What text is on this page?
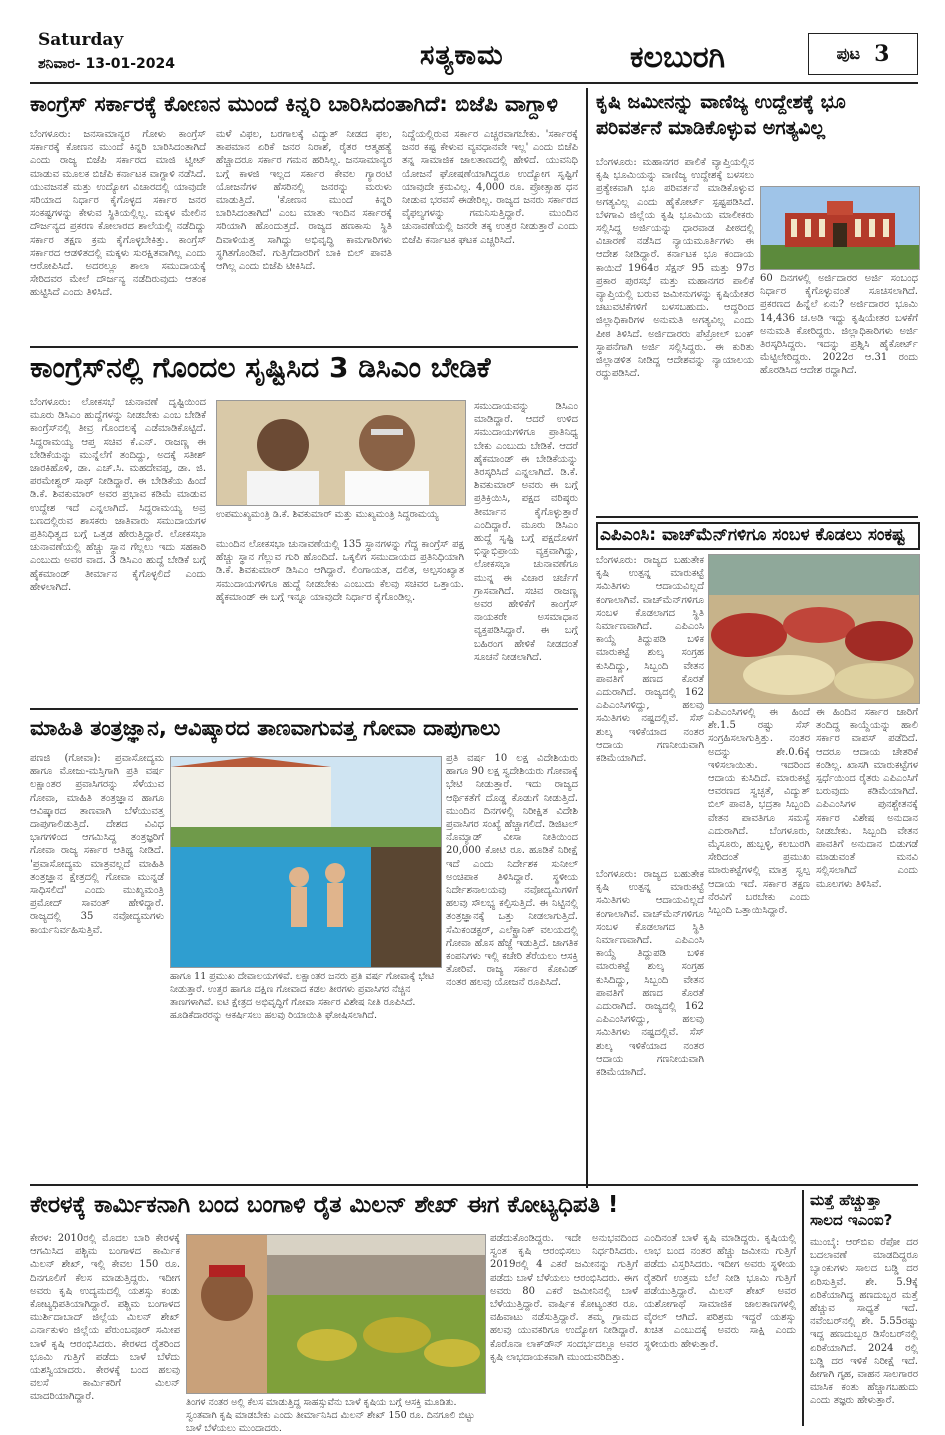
Saturday
ಶನಿವಾರ- 13-01-2024	ಸತ್ಯಕಾಮ	ಕಲಬುರಗಿ	ಪುಟ 3
ಕಾಂಗ್ರೆಸ್ ಸರ್ಕಾರಕ್ಕೆ ಕೋಣನ ಮುಂದೆ ಕಿನ್ನರಿ ಬಾರಿಸಿದಂತಾಗಿದೆ: ಬಿಜೆಪಿ ವಾಗ್ದಾಳಿ
ಬೆಂಗಳೂರು: ಜನಸಾಮಾನ್ಯರ ಗೋಳು ಕಾಂಗ್ರೆಸ್ ಸರ್ಕಾರಕ್ಕೆ ಕೋಣನ ಮುಂದೆ ಕಿನ್ನರಿ ಬಾರಿಸಿದಂತಾಗಿದೆ ಎಂದು ರಾಜ್ಯ ಬಿಜೆಪಿ ಸರ್ಕಾರದ ಮಾಜಿ ಟ್ವೀಟ್ ಮಾಡುವ ಮೂಲಕ ಬಿಜೆಪಿ ಕರ್ನಾಟಕ ವಾಗ್ದಾಳಿ ನಡೆಸಿದೆ. ಯುವಜನತೆ ಮತ್ತು ಉದ್ಯೋಗ ವಿಚಾರದಲ್ಲಿ ಯಾವುದೇ ಸರಿಯಾದ ನಿರ್ಧಾರ ಕೈಗೊಳ್ಳದ ಸರ್ಕಾರ ಜನರ ಸಂಕಷ್ಟಗಳನ್ನು ಕೇಳುವ ಸ್ಥಿತಿಯಲ್ಲಿಲ್ಲ. ಮಕ್ಕಳ ಮೇಲಿನ ದೌರ್ಜನ್ಯದ ಪ್ರಕರಣ ಕೋಲಾರದ ಶಾಲೆಯಲ್ಲಿ ನಡೆದಿದ್ದು ಸರ್ಕಾರ ತಕ್ಷಣ ಕ್ರಮ ಕೈಗೊಳ್ಳಬೇಕಿತ್ತು. ಕಾಂಗ್ರೆಸ್ ಸರ್ಕಾರದ ಆಡಳಿತದಲ್ಲಿ ಮಕ್ಕಳು ಸುರಕ್ಷಿತವಾಗಿಲ್ಲ ಎಂದು ಆರೋಪಿಸಿದೆ. ಅದರಲ್ಲೂ ಶಾಲಾ ಸಮುದಾಯಕ್ಕೆ ಸೇರಿದವರ ಮೇಲೆ ದೌರ್ಜನ್ಯ ನಡೆದಿರುವುದು ಆತಂಕ ಹುಟ್ಟಿಸಿದೆ ಎಂದು ತಿಳಿಸಿದೆ.
ಮಳೆ ವಿಫಲ, ಬರಗಾಲಕ್ಕೆ ವಿದ್ಯುತ್ ನೀಡದ ಫಲ, ತಾಪಮಾನ ಏರಿಕೆ ಜನರ ನಿರಾಶೆ, ರೈತರ ಆತ್ಮಹತ್ಯೆ ಹೆಚ್ಚಾದರೂ ಸರ್ಕಾರ ಗಮನ ಹರಿಸಿಲ್ಲ. ಜನಸಾಮಾನ್ಯರ ಬಗ್ಗೆ ಕಾಳಜಿ ಇಲ್ಲದ ಸರ್ಕಾರ ಕೇವಲ ಗ್ಯಾರಂಟಿ ಯೋಜನೆಗಳ ಹೆಸರಿನಲ್ಲಿ ಜನರನ್ನು ಮರುಳು ಮಾಡುತ್ತಿದೆ. 'ಕೋಣನ ಮುಂದೆ ಕಿನ್ನರಿ ಬಾರಿಸಿದಂತಾಗಿದೆ' ಎಂಬ ಮಾತು ಇಂದಿನ ಸರ್ಕಾರಕ್ಕೆ ಸರಿಯಾಗಿ ಹೊಂದುತ್ತದೆ. ರಾಜ್ಯದ ಹಣಕಾಸು ಸ್ಥಿತಿ ದಿವಾಳಿಯತ್ತ ಸಾಗಿದ್ದು ಅಭಿವೃದ್ಧಿ ಕಾಮಗಾರಿಗಳು ಸ್ಥಗಿತಗೊಂಡಿವೆ. ಗುತ್ತಿಗೆದಾರರಿಗೆ ಬಾಕಿ ಬಿಲ್ ಪಾವತಿ ಆಗಿಲ್ಲ ಎಂದು ಬಿಜೆಪಿ ಟೀಕಿಸಿದೆ.
ನಿದ್ದೆಯಲ್ಲಿರುವ ಸರ್ಕಾರ ಎಚ್ಚರವಾಗಬೇಕು. 'ಸರ್ಕಾರಕ್ಕೆ ಜನರ ಕಷ್ಟ ಕೇಳುವ ವ್ಯವಧಾನವೇ ಇಲ್ಲ' ಎಂದು ಬಿಜೆಪಿ ತನ್ನ ಸಾಮಾಜಿಕ ಜಾಲತಾಣದಲ್ಲಿ ಹೇಳಿದೆ. ಯುವನಿಧಿ ಯೋಜನೆ ಘೋಷಣೆಯಾಗಿದ್ದರೂ ಉದ್ಯೋಗ ಸೃಷ್ಟಿಗೆ ಯಾವುದೇ ಕ್ರಮವಿಲ್ಲ. 4,000 ರೂ. ಪ್ರೋತ್ಸಾಹ ಧನ ನೀಡುವ ಭರವಸೆ ಈಡೇರಿಲ್ಲ. ರಾಜ್ಯದ ಜನರು ಸರ್ಕಾರದ ವೈಫಲ್ಯಗಳನ್ನು ಗಮನಿಸುತ್ತಿದ್ದಾರೆ. ಮುಂದಿನ ಚುನಾವಣೆಯಲ್ಲಿ ಜನರೇ ತಕ್ಕ ಉತ್ತರ ನೀಡುತ್ತಾರೆ ಎಂದು ಬಿಜೆಪಿ ಕರ್ನಾಟಕ ಘಟಕ ಎಚ್ಚರಿಸಿದೆ.
ಕೃಷಿ ಜಮೀನನ್ನು ವಾಣಿಜ್ಯ ಉದ್ದೇಶಕ್ಕೆ ಭೂ
ಪರಿವರ್ತನೆ ಮಾಡಿಕೊಳ್ಳುವ ಅಗತ್ಯವಿಲ್ಲ
ಬೆಂಗಳೂರು: ಮಹಾನಗರ ಪಾಲಿಕೆ ವ್ಯಾಪ್ತಿಯಲ್ಲಿನ ಕೃಷಿ ಭೂಮಿಯನ್ನು ವಾಣಿಜ್ಯ ಉದ್ದೇಶಕ್ಕೆ ಬಳಸಲು ಪ್ರತ್ಯೇಕವಾಗಿ ಭೂ ಪರಿವರ್ತನೆ ಮಾಡಿಕೊಳ್ಳುವ ಅಗತ್ಯವಿಲ್ಲ ಎಂದು ಹೈಕೋರ್ಟ್ ಸ್ಪಷ್ಟಪಡಿಸಿದೆ. ಬೆಳಗಾವಿ ಜಿಲ್ಲೆಯ ಕೃಷಿ ಭೂಮಿಯ ಮಾಲೀಕರು ಸಲ್ಲಿಸಿದ್ದ ಅರ್ಜಿಯನ್ನು ಧಾರವಾಡ ಪೀಠದಲ್ಲಿ ವಿಚಾರಣೆ ನಡೆಸಿದ ನ್ಯಾಯಮೂರ್ತಿಗಳು ಈ ಆದೇಶ ನೀಡಿದ್ದಾರೆ. ಕರ್ನಾಟಕ ಭೂ ಕಂದಾಯ ಕಾಯಿದೆ 1964ರ ಸೆಕ್ಷನ್ 95 ಮತ್ತು 97ರ ಪ್ರಕಾರ ಪುರಸಭೆ ಮತ್ತು ಮಹಾನಗರ ಪಾಲಿಕೆ ವ್ಯಾಪ್ತಿಯಲ್ಲಿ ಬರುವ ಜಮೀನುಗಳನ್ನು ಕೃಷಿಯೇತರ ಚಟುವಟಿಕೆಗಳಿಗೆ ಬಳಸಬಹುದು. ಆದ್ದರಿಂದ ಜಿಲ್ಲಾಧಿಕಾರಿಗಳ ಅನುಮತಿ ಅಗತ್ಯವಿಲ್ಲ ಎಂದು ಪೀಠ ತಿಳಿಸಿದೆ. ಅರ್ಜಿದಾರರು ಪೆಟ್ರೋಲ್ ಬಂಕ್ ಸ್ಥಾಪನೆಗಾಗಿ ಅರ್ಜಿ ಸಲ್ಲಿಸಿದ್ದರು. ಈ ಕುರಿತು ಜಿಲ್ಲಾಡಳಿತ ನೀಡಿದ್ದ ಆದೇಶವನ್ನು ನ್ಯಾಯಾಲಯ ರದ್ದುಪಡಿಸಿದೆ.
60 ದಿನಗಳಲ್ಲಿ ಅರ್ಜಿದಾರರ ಅರ್ಜಿ ಸಂಬಂಧ ನಿರ್ಧಾರ ಕೈಗೊಳ್ಳುವಂತೆ ಸೂಚಿಸಲಾಗಿದೆ. ಪ್ರಕರಣದ ಹಿನ್ನೆಲೆ ಏನು? ಅರ್ಜಿದಾರರ ಭೂಮಿ 14,436 ಚ.ಅಡಿ ಇದ್ದು ಕೃಷಿಯೇತರ ಬಳಕೆಗೆ ಅನುಮತಿ ಕೋರಿದ್ದರು. ಜಿಲ್ಲಾಧಿಕಾರಿಗಳು ಅರ್ಜಿ ತಿರಸ್ಕರಿಸಿದ್ದರು. ಇದನ್ನು ಪ್ರಶ್ನಿಸಿ ಹೈಕೋರ್ಟ್ ಮೆಟ್ಟಿಲೇರಿದ್ದರು. 2022ರ ಆ.31 ರಂದು ಹೊರಡಿಸಿದ ಆದೇಶ ರದ್ದಾಗಿದೆ.
ಕಾಂಗ್ರೆಸ್‌ನಲ್ಲಿ ಗೊಂದಲ ಸೃಷ್ಟಿಸಿದ 3 ಡಿಸಿಎಂ ಬೇಡಿಕೆ
ಬೆಂಗಳೂರು: ಲೋಕಸಭೆ ಚುನಾವಣೆ ದೃಷ್ಟಿಯಿಂದ ಮೂರು ಡಿಸಿಎಂ ಹುದ್ದೆಗಳನ್ನು ನೀಡಬೇಕು ಎಂಬ ಬೇಡಿಕೆ ಕಾಂಗ್ರೆಸ್‌ನಲ್ಲಿ ತೀವ್ರ ಗೊಂದಲಕ್ಕೆ ಎಡೆಮಾಡಿಕೊಟ್ಟಿದೆ. ಸಿದ್ದರಾಮಯ್ಯ ಆಪ್ತ ಸಚಿವ ಕೆ.ಎನ್. ರಾಜಣ್ಣ ಈ ಬೇಡಿಕೆಯನ್ನು ಮುನ್ನೆಲೆಗೆ ತಂದಿದ್ದು, ಅದಕ್ಕೆ ಸತೀಶ್ ಜಾರಕಿಹೊಳಿ, ಡಾ. ಎಚ್.ಸಿ. ಮಹದೇವಪ್ಪ, ಡಾ. ಜಿ. ಪರಮೇಶ್ವರ್ ಸಾಥ್ ನೀಡಿದ್ದಾರೆ. ಈ ಬೇಡಿಕೆಯ ಹಿಂದೆ ಡಿ.ಕೆ. ಶಿವಕುಮಾರ್ ಅವರ ಪ್ರಭಾವ ಕಡಿಮೆ ಮಾಡುವ ಉದ್ದೇಶ ಇದೆ ಎನ್ನಲಾಗಿದೆ. ಸಿದ್ದರಾಮಯ್ಯ ಅವ್ರ ಬಣದಲ್ಲಿರುವ ಶಾಸಕರು ಜಾತಿವಾರು ಸಮುದಾಯಗಳ ಪ್ರತಿನಿಧಿತ್ವದ ಬಗ್ಗೆ ಒತ್ತಡ ಹೇರುತ್ತಿದ್ದಾರೆ. ಲೋಕಸಭಾ ಚುನಾವಣೆಯಲ್ಲಿ ಹೆಚ್ಚು ಸ್ಥಾನ ಗೆಲ್ಲಲು ಇದು ಸಹಕಾರಿ ಎಂಬುದು ಅವರ ವಾದ. 3 ಡಿಸಿಎಂ ಹುದ್ದೆ ಬೇಡಿಕೆ ಬಗ್ಗೆ ಹೈಕಮಾಂಡ್ ತೀರ್ಮಾನ ಕೈಗೊಳ್ಳಲಿದೆ ಎಂದು ಹೇಳಲಾಗಿದೆ.
ಉಪಮುಖ್ಯಮಂತ್ರಿ ಡಿ.ಕೆ. ಶಿವಕುಮಾರ್ ಮತ್ತು ಮುಖ್ಯಮಂತ್ರಿ ಸಿದ್ದರಾಮಯ್ಯ
ಮುಂದಿನ ಲೋಕಸಭಾ ಚುನಾವಣೆಯಲ್ಲಿ 135 ಸ್ಥಾನಗಳನ್ನು ಗೆದ್ದ ಕಾಂಗ್ರೆಸ್ ಪಕ್ಷ ಹೆಚ್ಚು ಸ್ಥಾನ ಗೆಲ್ಲುವ ಗುರಿ ಹೊಂದಿದೆ. ಒಕ್ಕಲಿಗ ಸಮುದಾಯದ ಪ್ರತಿನಿಧಿಯಾಗಿ ಡಿ.ಕೆ. ಶಿವಕುಮಾರ್ ಡಿಸಿಎಂ ಆಗಿದ್ದಾರೆ. ಲಿಂಗಾಯತ, ದಲಿತ, ಅಲ್ಪಸಂಖ್ಯಾತ ಸಮುದಾಯಗಳಿಗೂ ಹುದ್ದೆ ನೀಡಬೇಕು ಎಂಬುದು ಕೆಲವು ಸಚಿವರ ಒತ್ತಾಯ. ಹೈಕಮಾಂಡ್ ಈ ಬಗ್ಗೆ ಇನ್ನೂ ಯಾವುದೇ ನಿರ್ಧಾರ ಕೈಗೊಂಡಿಲ್ಲ.
ಸಮುದಾಯವನ್ನು ಡಿಸಿಎಂ ಮಾಡಿದ್ದಾರೆ. ಆದರೆ ಉಳಿದ ಸಮುದಾಯಗಳಿಗೂ ಪ್ರಾತಿನಿಧ್ಯ ಬೇಕು ಎಂಬುದು ಬೇಡಿಕೆ. ಆದರೆ ಹೈಕಮಾಂಡ್ ಈ ಬೇಡಿಕೆಯನ್ನು ತಿರಸ್ಕರಿಸಿದೆ ಎನ್ನಲಾಗಿದೆ. ಡಿ.ಕೆ. ಶಿವಕುಮಾರ್ ಅವರು ಈ ಬಗ್ಗೆ ಪ್ರತಿಕ್ರಿಯಿಸಿ, ಪಕ್ಷದ ವರಿಷ್ಠರು ತೀರ್ಮಾನ ಕೈಗೊಳ್ಳುತ್ತಾರೆ ಎಂದಿದ್ದಾರೆ. ಮೂರು ಡಿಸಿಎಂ ಹುದ್ದೆ ಸೃಷ್ಟಿ ಬಗ್ಗೆ ಪಕ್ಷದೊಳಗೆ ಭಿನ್ನಾಭಿಪ್ರಾಯ ವ್ಯಕ್ತವಾಗಿದ್ದು, ಲೋಕಸಭಾ ಚುನಾವಣೆಗೂ ಮುನ್ನ ಈ ವಿಚಾರ ಚರ್ಚೆಗೆ ಗ್ರಾಸವಾಗಿದೆ. ಸಚಿವ ರಾಜಣ್ಣ ಅವರ ಹೇಳಿಕೆಗೆ ಕಾಂಗ್ರೆಸ್ ನಾಯಕರೇ ಅಸಮಾಧಾನ ವ್ಯಕ್ತಪಡಿಸಿದ್ದಾರೆ. ಈ ಬಗ್ಗೆ ಬಹಿರಂಗ ಹೇಳಿಕೆ ನೀಡದಂತೆ ಸೂಚನೆ ನೀಡಲಾಗಿದೆ.
ಎಪಿಎಂಸಿ: ವಾಚ್‌ಮೆನ್‌ಗಳಿಗೂ ಸಂಬಳ ಕೊಡಲು ಸಂಕಷ್ಟ
ಬೆಂಗಳೂರು: ರಾಜ್ಯದ ಬಹುತೇಕ ಕೃಷಿ ಉತ್ಪನ್ನ ಮಾರುಕಟ್ಟೆ ಸಮಿತಿಗಳು ಆದಾಯವಿಲ್ಲದೆ ಕಂಗಾಲಾಗಿವೆ. ವಾಚ್‌ಮೆನ್‌ಗಳಿಗೂ ಸಂಬಳ ಕೊಡಲಾಗದ ಸ್ಥಿತಿ ನಿರ್ಮಾಣವಾಗಿದೆ. ಎಪಿಎಂಸಿ ಕಾಯ್ದೆ ತಿದ್ದುಪಡಿ ಬಳಿಕ ಮಾರುಕಟ್ಟೆ ಶುಲ್ಕ ಸಂಗ್ರಹ ಕುಸಿದಿದ್ದು, ಸಿಬ್ಬಂದಿ ವೇತನ ಪಾವತಿಗೆ ಹಣದ ಕೊರತೆ ಎದುರಾಗಿದೆ. ರಾಜ್ಯದಲ್ಲಿ 162 ಎಪಿಎಂಸಿಗಳಿದ್ದು, ಹಲವು ಸಮಿತಿಗಳು ನಷ್ಟದಲ್ಲಿವೆ. ಸೆಸ್ ಶುಲ್ಕ ಇಳಿಕೆಯಾದ ನಂತರ ಆದಾಯ ಗಣನೀಯವಾಗಿ ಕಡಿಮೆಯಾಗಿದೆ.
ಎಪಿಎಂಸಿಗಳಲ್ಲಿ ಈ ಹಿಂದೆ ಶೇ.1.5 ರಷ್ಟು ಸೆಸ್ ಸಂಗ್ರಹಿಸಲಾಗುತ್ತಿತ್ತು. ನಂತರ ಅದನ್ನು ಶೇ.0.6ಕ್ಕೆ ಇಳಿಸಲಾಯಿತು. ಇದರಿಂದ ಆದಾಯ ಕುಸಿದಿದೆ. ಮಾರುಕಟ್ಟೆ ಆವರಣದ ಸ್ವಚ್ಛತೆ, ವಿದ್ಯುತ್ ಬಿಲ್ ಪಾವತಿ, ಭದ್ರತಾ ಸಿಬ್ಬಂದಿ ವೇತನ ಪಾವತಿಗೂ ಸಮಸ್ಯೆ ಎದುರಾಗಿದೆ. ಬೆಂಗಳೂರು, ಮೈಸೂರು, ಹುಬ್ಬಳ್ಳಿ, ಕಲಬುರಗಿ ಸೇರಿದಂತೆ ಪ್ರಮುಖ ಮಾರುಕಟ್ಟೆಗಳಲ್ಲಿ ಮಾತ್ರ ಸ್ವಲ್ಪ ಆದಾಯ ಇದೆ. ಸರ್ಕಾರ ತಕ್ಷಣ ನೆರವಿಗೆ ಬರಬೇಕು ಎಂದು ಸಿಬ್ಬಂದಿ ಒತ್ತಾಯಿಸಿದ್ದಾರೆ.
ಈ ಹಿಂದಿನ ಸರ್ಕಾರ ಜಾರಿಗೆ ತಂದಿದ್ದ ಕಾಯ್ದೆಯನ್ನು ಹಾಲಿ ಸರ್ಕಾರ ವಾಪಸ್ ಪಡೆದಿದೆ. ಆದರೂ ಆದಾಯ ಚೇತರಿಕೆ ಕಂಡಿಲ್ಲ. ಖಾಸಗಿ ಮಾರುಕಟ್ಟೆಗಳ ಸ್ಪರ್ಧೆಯಿಂದ ರೈತರು ಎಪಿಎಂಸಿಗೆ ಬರುವುದು ಕಡಿಮೆಯಾಗಿದೆ. ಎಪಿಎಂಸಿಗಳ ಪುನಶ್ಚೇತನಕ್ಕೆ ಸರ್ಕಾರ ವಿಶೇಷ ಅನುದಾನ ನೀಡಬೇಕು. ಸಿಬ್ಬಂದಿ ವೇತನ ಪಾವತಿಗೆ ಅನುದಾನ ಬಿಡುಗಡೆ ಮಾಡುವಂತೆ ಮನವಿ ಸಲ್ಲಿಸಲಾಗಿದೆ ಎಂದು ಮೂಲಗಳು ತಿಳಿಸಿವೆ.
ಬೆಂಗಳೂರು: ರಾಜ್ಯದ ಬಹುತೇಕ ಕೃಷಿ ಉತ್ಪನ್ನ ಮಾರುಕಟ್ಟೆ ಸಮಿತಿಗಳು ಆದಾಯವಿಲ್ಲದೆ ಕಂಗಾಲಾಗಿವೆ. ವಾಚ್‌ಮೆನ್‌ಗಳಿಗೂ ಸಂಬಳ ಕೊಡಲಾಗದ ಸ್ಥಿತಿ ನಿರ್ಮಾಣವಾಗಿದೆ. ಎಪಿಎಂಸಿ ಕಾಯ್ದೆ ತಿದ್ದುಪಡಿ ಬಳಿಕ ಮಾರುಕಟ್ಟೆ ಶುಲ್ಕ ಸಂಗ್ರಹ ಕುಸಿದಿದ್ದು, ಸಿಬ್ಬಂದಿ ವೇತನ ಪಾವತಿಗೆ ಹಣದ ಕೊರತೆ ಎದುರಾಗಿದೆ. ರಾಜ್ಯದಲ್ಲಿ 162 ಎಪಿಎಂಸಿಗಳಿದ್ದು, ಹಲವು ಸಮಿತಿಗಳು ನಷ್ಟದಲ್ಲಿವೆ. ಸೆಸ್ ಶುಲ್ಕ ಇಳಿಕೆಯಾದ ನಂತರ ಆದಾಯ ಗಣನೀಯವಾಗಿ ಕಡಿಮೆಯಾಗಿದೆ.
ಮಾಹಿತಿ ತಂತ್ರಜ್ಞಾನ, ಆವಿಷ್ಕಾರದ ತಾಣವಾಗುವತ್ತ ಗೋವಾ ದಾಪುಗಾಲು
ಪಣಜಿ (ಗೋವಾ): ಪ್ರವಾಸೋದ್ಯಮ ಹಾಗೂ ಮೋಜು-ಮಸ್ತಿಗಾಗಿ ಪ್ರತಿ ವರ್ಷ ಲಕ್ಷಾಂತರ ಪ್ರವಾಸಿಗರನ್ನು ಸೆಳೆಯುವ ಗೋವಾ, ಮಾಹಿತಿ ತಂತ್ರಜ್ಞಾನ ಹಾಗೂ ಆವಿಷ್ಕಾರದ ತಾಣವಾಗಿ ಬೆಳೆಯುವತ್ತ ದಾಪುಗಾಲಿಡುತ್ತಿದೆ. ದೇಶದ ವಿವಿಧ ಭಾಗಗಳಿಂದ ಆಗಮಿಸಿದ್ದ ತಂತ್ರಜ್ಞರಿಗೆ ಗೋವಾ ರಾಜ್ಯ ಸರ್ಕಾರ ಆತಿಥ್ಯ ನೀಡಿದೆ. 'ಪ್ರವಾಸೋದ್ಯಮ ಮಾತ್ರವಲ್ಲದೆ ಮಾಹಿತಿ ತಂತ್ರಜ್ಞಾನ ಕ್ಷೇತ್ರದಲ್ಲಿ ಗೋವಾ ಮುನ್ನಡೆ ಸಾಧಿಸಲಿದೆ' ಎಂದು ಮುಖ್ಯಮಂತ್ರಿ ಪ್ರಮೋದ್ ಸಾವಂತ್ ಹೇಳಿದ್ದಾರೆ. ರಾಜ್ಯದಲ್ಲಿ 35 ನವೋದ್ಯಮಗಳು ಕಾರ್ಯನಿರ್ವಹಿಸುತ್ತಿವೆ.
ಪ್ರತಿ ವರ್ಷ 10 ಲಕ್ಷ ವಿದೇಶಿಯರು ಹಾಗೂ 90 ಲಕ್ಷ ಸ್ವದೇಶಿಯರು ಗೋವಾಕ್ಕೆ ಭೇಟಿ ನೀಡುತ್ತಾರೆ. ಇದು ರಾಜ್ಯದ ಆರ್ಥಿಕತೆಗೆ ದೊಡ್ಡ ಕೊಡುಗೆ ನೀಡುತ್ತಿದೆ. ಮುಂದಿನ ದಿನಗಳಲ್ಲಿ ನಿರೀಕ್ಷಿತ ವಿದೇಶಿ ಪ್ರವಾಸಿಗರ ಸಂಖ್ಯೆ ಹೆಚ್ಚಾಗಲಿದೆ. ಡಿಜಿಟಲ್ ನೊಮ್ಯಾಡ್ ವೀಸಾ ನೀತಿಯಿಂದ 20,000 ಕೋಟಿ ರೂ. ಹೂಡಿಕೆ ನಿರೀಕ್ಷೆ ಇದೆ ಎಂದು ನಿರ್ದೇಶಕ ಸುನೀಲ್ ಅಂಚಿಪಾಕ ತಿಳಿಸಿದ್ದಾರೆ. ಸ್ಥಳೀಯ ನಿರ್ದೇಶನಾಲಯವು ನವೋದ್ಯಮಿಗಳಿಗೆ ಹಲವು ಸೌಲಭ್ಯ ಕಲ್ಪಿಸುತ್ತಿದೆ. ಈ ನಿಟ್ಟಿನಲ್ಲಿ ತಂತ್ರಜ್ಞಾನಕ್ಕೆ ಒತ್ತು ನೀಡಲಾಗುತ್ತಿದೆ. ಸೆಮಿಕಂಡಕ್ಟರ್, ಎಲೆಕ್ಟ್ರಾನಿಕ್ ವಲಯದಲ್ಲಿ ಗೋವಾ ಹೊಸ ಹೆಜ್ಜೆ ಇಡುತ್ತಿದೆ. ಜಾಗತಿಕ ಕಂಪನಿಗಳು ಇಲ್ಲಿ ಕಚೇರಿ ತೆರೆಯಲು ಆಸಕ್ತಿ ತೋರಿವೆ. ರಾಜ್ಯ ಸರ್ಕಾರ ಕೋವಿಡ್ ನಂತರ ಹಲವು ಯೋಜನೆ ರೂಪಿಸಿದೆ.
ಹಾಗೂ 11 ಪ್ರಮುಖ ದೇವಾಲಯಗಳಿವೆ. ಲಕ್ಷಾಂತರ ಜನರು ಪ್ರತಿ ವರ್ಷ ಗೋವಾಕ್ಕೆ ಭೇಟಿ ನೀಡುತ್ತಾರೆ. ಉತ್ತರ ಹಾಗೂ ದಕ್ಷಿಣ ಗೋವಾದ ಕಡಲ ತೀರಗಳು ಪ್ರವಾಸಿಗರ ನೆಚ್ಚಿನ ತಾಣಗಳಾಗಿವೆ. ಐಟಿ ಕ್ಷೇತ್ರದ ಅಭಿವೃದ್ಧಿಗೆ ಗೋವಾ ಸರ್ಕಾರ ವಿಶೇಷ ನೀತಿ ರೂಪಿಸಿದೆ. ಹೂಡಿಕೆದಾರರನ್ನು ಆಕರ್ಷಿಸಲು ಹಲವು ರಿಯಾಯಿತಿ ಘೋಷಿಸಲಾಗಿದೆ.
ಕೇರಳಕ್ಕೆ ಕಾರ್ಮಿಕನಾಗಿ ಬಂದ ಬಂಗಾಳಿ ರೈತ ಮಿಲನ್ ಶೇಖ್ ಈಗ ಕೋಟ್ಯಧಿಪತಿ !
ಕೇರಳ: 2010ರಲ್ಲಿ ಮೊದಲ ಬಾರಿ ಕೇರಳಕ್ಕೆ ಆಗಮಿಸಿದ ಪಶ್ಚಿಮ ಬಂಗಾಳದ ಕಾರ್ಮಿಕ ಮಿಲನ್ ಶೇಖ್, ಇಲ್ಲಿ ಕೇವಲ 150 ರೂ. ದಿನಗೂಲಿಗೆ ಕೆಲಸ ಮಾಡುತ್ತಿದ್ದರು. ಇದೀಗ ಅವರು ಕೃಷಿ ಉದ್ಯಮದಲ್ಲಿ ಯಶಸ್ಸು ಕಂಡು ಕೋಟ್ಯಧಿಪತಿಯಾಗಿದ್ದಾರೆ. ಪಶ್ಚಿಮ ಬಂಗಾಳದ ಮುರ್ಶಿದಾಬಾದ್ ಜಿಲ್ಲೆಯ ಮಿಲನ್ ಶೇಖ್ ಎರ್ನಾಕುಳಂ ಜಿಲ್ಲೆಯ ಪೆರುಂಬವೂರ್ ಸಮೀಪ ಬಾಳೆ ಕೃಷಿ ಆರಂಭಿಸಿದರು. ಕೇರಳದ ರೈತರಿಂದ ಭೂಮಿ ಗುತ್ತಿಗೆ ಪಡೆದು ಬಾಳೆ ಬೆಳೆದು ಯಶಸ್ವಿಯಾದರು. ಕೇರಳಕ್ಕೆ ಬಂದ ಹಲವು ವಲಸೆ ಕಾರ್ಮಿಕರಿಗೆ ಮಿಲನ್ ಮಾದರಿಯಾಗಿದ್ದಾರೆ.
ತಿಂಗಳ ನಂತರ ಅಲ್ಲಿ ಕೆಲಸ ಮಾಡುತ್ತಿದ್ದ ಸಾಹಸ್ಸುವೆನು ಬಾಳೆ ಕೃಷಿಯ ಬಗ್ಗೆ ಆಸಕ್ತಿ ಮೂಡಿತು. ಸ್ವಂತವಾಗಿ ಕೃಷಿ ಮಾಡಬೇಕು ಎಂದು ತೀರ್ಮಾನಿಸಿದ ಮಿಲನ್ ಶೇಖ್ 150 ರೂ. ದಿನಗೂಲಿ ಬಿಟ್ಟು ಬಾಳೆ ಬೆಳೆಯಲು ಮುಂದಾದರು.
ಪಡೆದುಕೊಂಡಿದ್ದರು. ಇದೇ ಅನುಭವದಿಂದ ಸ್ವಂತ ಕೃಷಿ ಆರಂಭಿಸಲು ನಿರ್ಧರಿಸಿದರು. 2019ರಲ್ಲಿ 4 ಎಕರೆ ಜಮೀನನ್ನು ಗುತ್ತಿಗೆ ಪಡೆದು ಬಾಳೆ ಬೆಳೆಯಲು ಆರಂಭಿಸಿದರು. ಈಗ ಅವರು 80 ಎಕರೆ ಜಮೀನಿನಲ್ಲಿ ಬಾಳೆ ಬೆಳೆಯುತ್ತಿದ್ದಾರೆ. ವಾರ್ಷಿಕ ಕೋಟ್ಯಂತರ ರೂ. ವಹಿವಾಟು ನಡೆಸುತ್ತಿದ್ದಾರೆ. ತಮ್ಮ ಗ್ರಾಮದ ಹಲವು ಯುವಕರಿಗೂ ಉದ್ಯೋಗ ನೀಡಿದ್ದಾರೆ. ಕೊರೊನಾ ಲಾಕ್‌ಡೌನ್ ಸಂದರ್ಭದಲ್ಲೂ ಅವರ ಕೃಷಿ ಲಾಭದಾಯಕವಾಗಿ ಮುಂದುವರಿದಿತ್ತು.
ಎಂದಿನಂತೆ ಬಾಳೆ ಕೃಷಿ ಮಾಡಿದ್ದರು. ಕೃಷಿಯಲ್ಲಿ ಲಾಭ ಬಂದ ನಂತರ ಹೆಚ್ಚು ಜಮೀನು ಗುತ್ತಿಗೆ ಪಡೆದು ವಿಸ್ತರಿಸಿದರು. ಇದೀಗ ಅವರು ಸ್ಥಳೀಯ ರೈತರಿಗೆ ಉತ್ತಮ ಬೆಲೆ ನೀಡಿ ಭೂಮಿ ಗುತ್ತಿಗೆ ಪಡೆಯುತ್ತಿದ್ದಾರೆ. ಮಿಲನ್ ಶೇಖ್ ಅವರ ಯಶೋಗಾಥೆ ಸಾಮಾಜಿಕ ಜಾಲತಾಣಗಳಲ್ಲಿ ವೈರಲ್ ಆಗಿದೆ. ಪರಿಶ್ರಮ ಇದ್ದರೆ ಯಶಸ್ಸು ಖಚಿತ ಎಂಬುದಕ್ಕೆ ಅವರು ಸಾಕ್ಷಿ ಎಂದು ಸ್ಥಳೀಯರು ಹೇಳುತ್ತಾರೆ.
ಮತ್ತೆ ಹೆಚ್ಚುತ್ತಾ
ಸಾಲದ ಇಎಂಐ?
ಮುಂಬೈ: ಆರ್‌ಬಿಐ ರೆಪೋ ದರ ಬದಲಾವಣೆ ಮಾಡದಿದ್ದರೂ ಬ್ಯಾಂಕುಗಳು ಸಾಲದ ಬಡ್ಡಿ ದರ ಏರಿಸುತ್ತಿವೆ. ಶೇ. 5.9ಕ್ಕೆ ಏರಿಕೆಯಾಗಿದ್ದ ಹಣದುಬ್ಬರ ಮತ್ತೆ ಹೆಚ್ಚುವ ಸಾಧ್ಯತೆ ಇದೆ. ನವೆಂಬರ್‌ನಲ್ಲಿ ಶೇ. 5.55ರಷ್ಟು ಇದ್ದ ಹಣದುಬ್ಬರ ಡಿಸೆಂಬರ್‌ನಲ್ಲಿ ಏರಿಕೆಯಾಗಿದೆ. 2024 ರಲ್ಲಿ ಬಡ್ಡಿ ದರ ಇಳಿಕೆ ನಿರೀಕ್ಷೆ ಇದೆ. ಹೀಗಾಗಿ ಗೃಹ, ವಾಹನ ಸಾಲಗಾರರ ಮಾಸಿಕ ಕಂತು ಹೆಚ್ಚಾಗಬಹುದು ಎಂದು ತಜ್ಞರು ಹೇಳುತ್ತಾರೆ.
